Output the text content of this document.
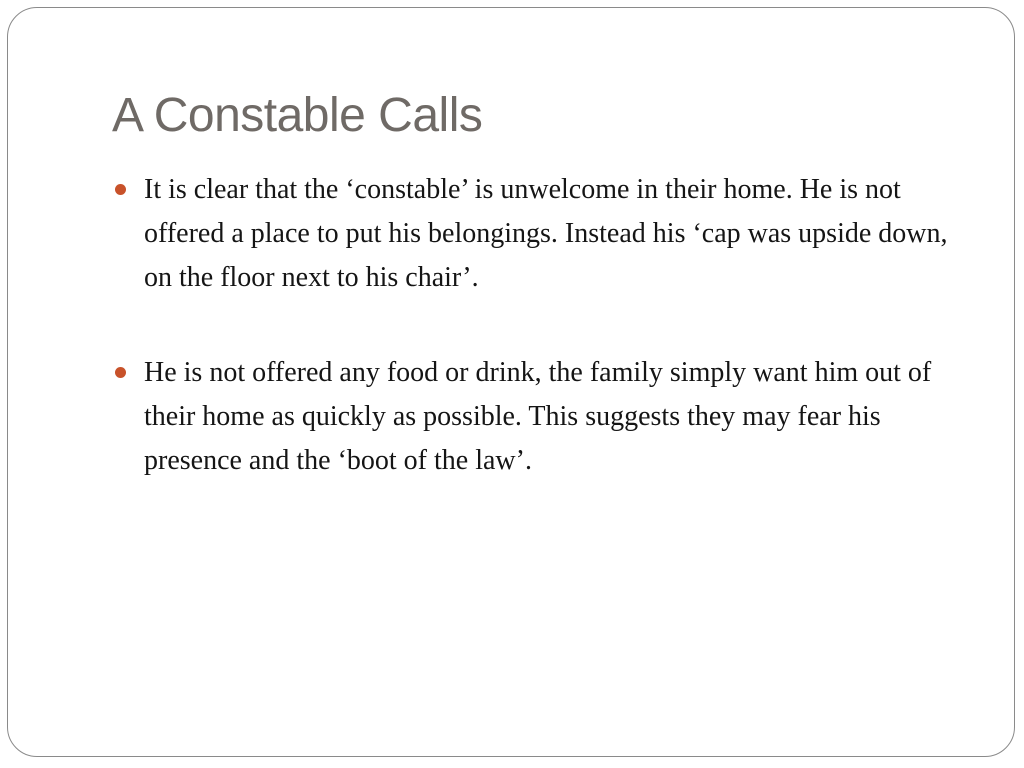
A Constable Calls
It is clear that the ‘constable’ is unwelcome in their home. He is not offered a place to put his belongings. Instead his ‘cap was upside down, on the floor next to his chair’.
He is not offered any food or drink, the family simply want him out of their home as quickly as possible. This suggests they may fear his presence and the ‘boot of the law’.
